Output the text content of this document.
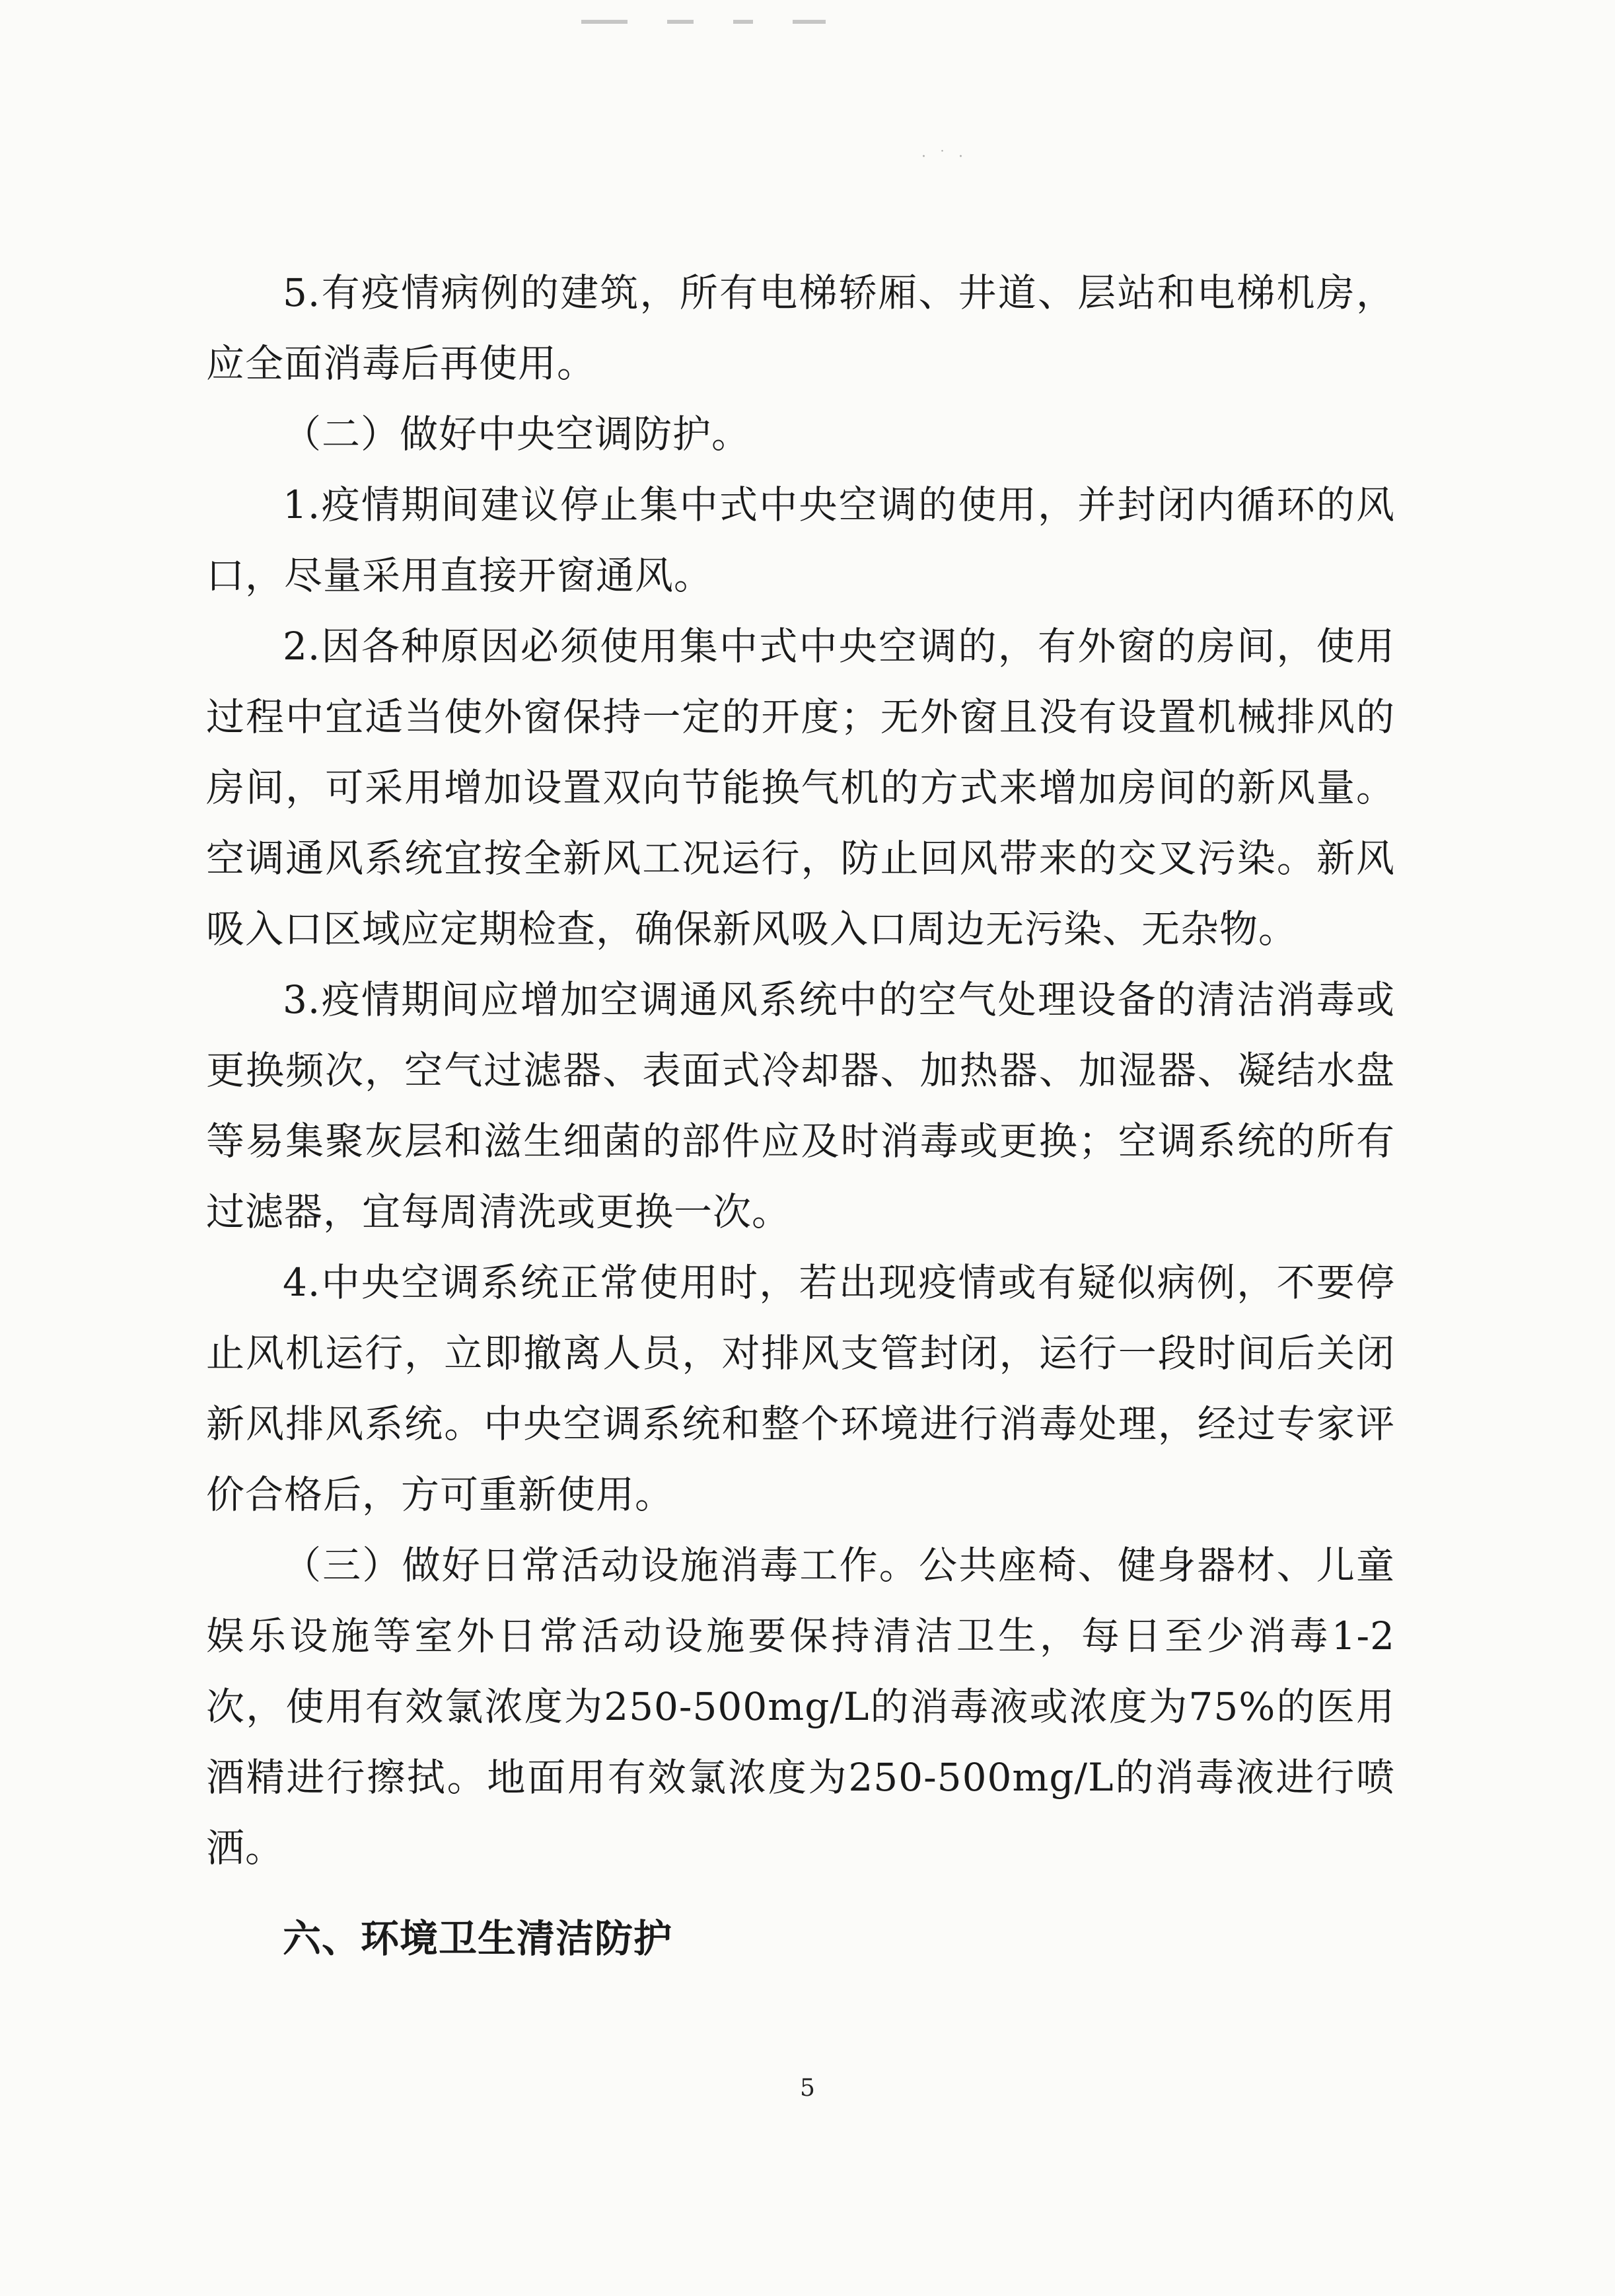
· ˙ ·

5.有疫情病例的建筑，所有电梯轿厢、井道、层站和电梯机房，应全面消毒后再使用。

（二）做好中央空调防护。

1.疫情期间建议停止集中式中央空调的使用，并封闭内循环的风口，尽量采用直接开窗通风。

2.因各种原因必须使用集中式中央空调的，有外窗的房间，使用过程中宜适当使外窗保持一定的开度；无外窗且没有设置机械排风的房间，可采用增加设置双向节能换气机的方式来增加房间的新风量。空调通风系统宜按全新风工况运行，防止回风带来的交叉污染。新风吸入口区域应定期检查，确保新风吸入口周边无污染、无杂物。

3.疫情期间应增加空调通风系统中的空气处理设备的清洁消毒或更换频次，空气过滤器、表面式冷却器、加热器、加湿器、凝结水盘等易集聚灰层和滋生细菌的部件应及时消毒或更换；空调系统的所有过滤器，宜每周清洗或更换一次。

4.中央空调系统正常使用时，若出现疫情或有疑似病例，不要停止风机运行，立即撤离人员，对排风支管封闭，运行一段时间后关闭新风排风系统。中央空调系统和整个环境进行消毒处理，经过专家评价合格后，方可重新使用。

（三）做好日常活动设施消毒工作。公共座椅、健身器材、儿童娱乐设施等室外日常活动设施要保持清洁卫生，每日至少消毒1-2次，使用有效氯浓度为250-500mg/L的消毒液或浓度为75%的医用酒精进行擦拭。地面用有效氯浓度为250-500mg/L的消毒液进行喷洒。

六、环境卫生清洁防护

5
